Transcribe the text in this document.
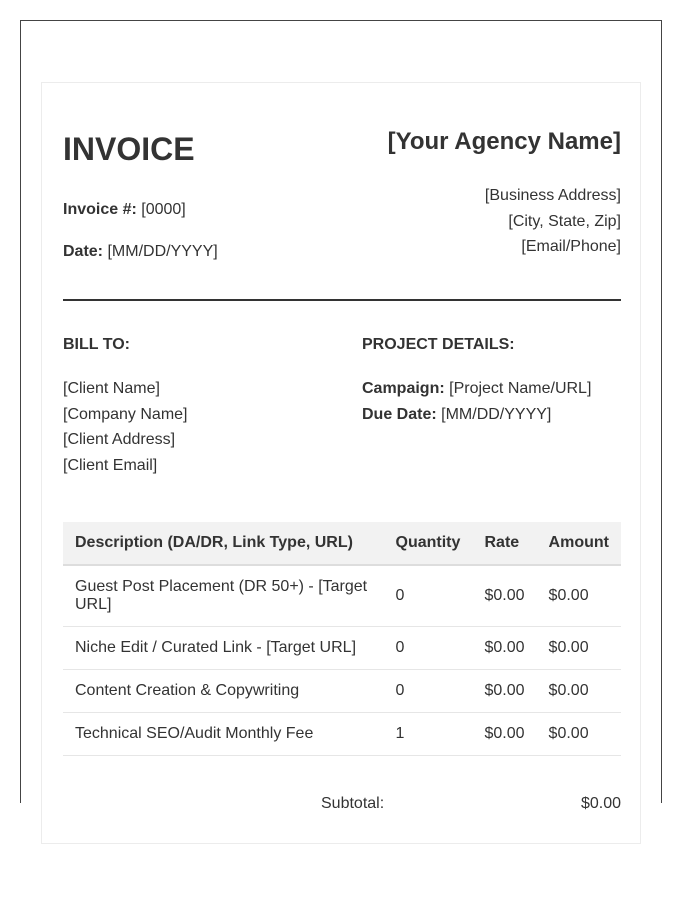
INVOICE	[Your Agency Name]
Invoice #: [0000]
Date: [MM/DD/YYYY]
[Business Address]
[City, State, Zip]
[Email/Phone]
BILL TO:	PROJECT DETAILS:
[Client Name]
[Company Name]
[Client Address]
[Client Email]
Campaign: [Project Name/URL]
Due Date: [MM/DD/YYYY]
Description (DA/DR, Link Type, URL)	Quantity	Rate	Amount
Guest Post Placement (DR 50+) - [Target URL]	0	$0.00	$0.00
Niche Edit / Curated Link - [Target URL]	0	$0.00	$0.00
Content Creation & Copywriting	0	$0.00	$0.00
Technical SEO/Audit Monthly Fee	1	$0.00	$0.00
Subtotal:	$0.00
